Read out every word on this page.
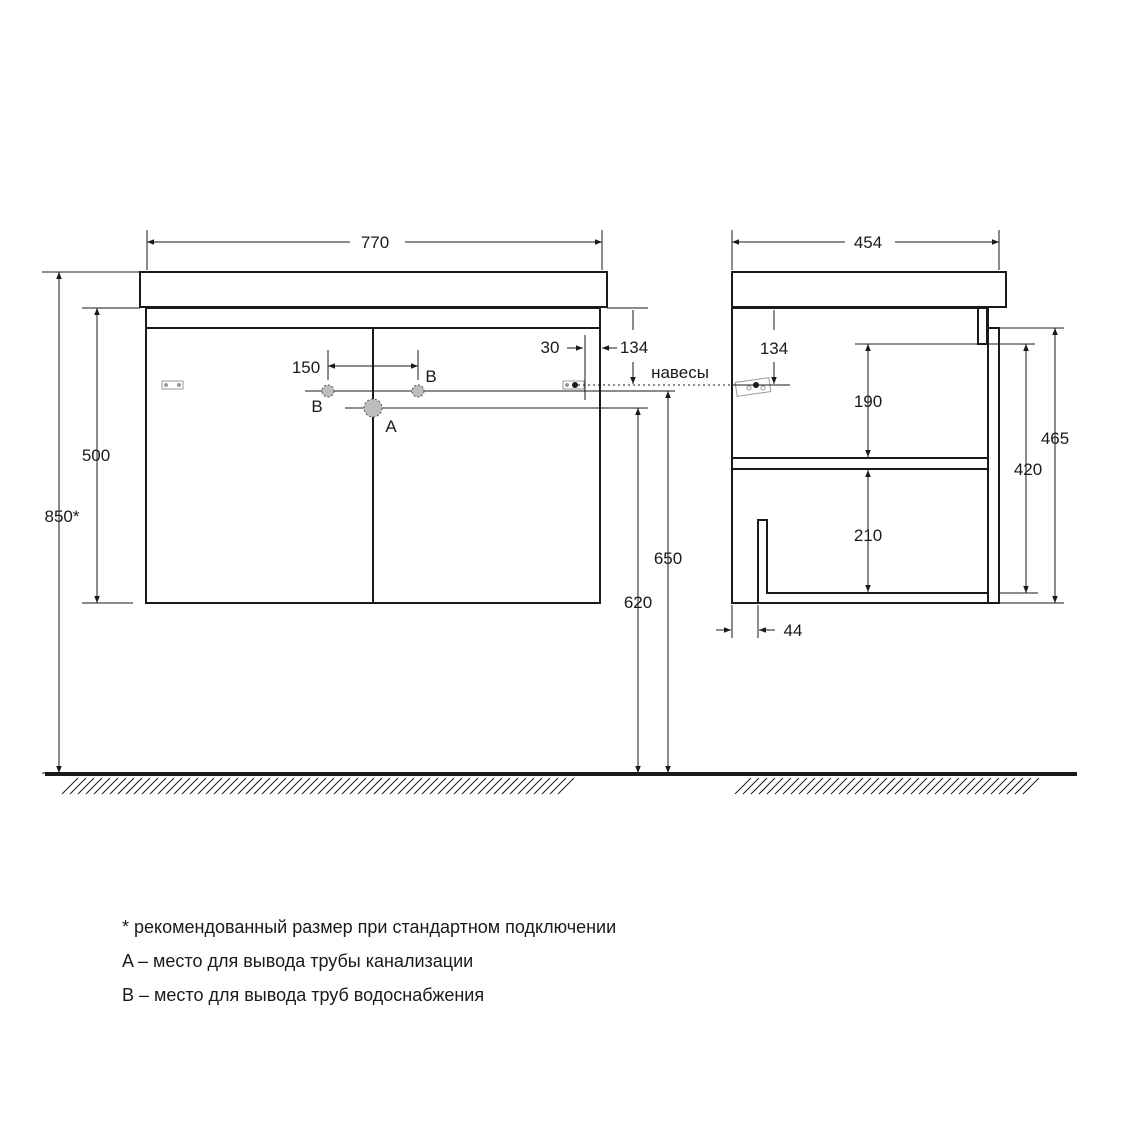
770
850*
500
150
30	134
навесы
620
650
A
B
B
454
134
190
210
420
465
44
* рекомендованный размер при стандартном подключении
A – место для вывода трубы канализации
B – место для вывода труб водоснабжения
